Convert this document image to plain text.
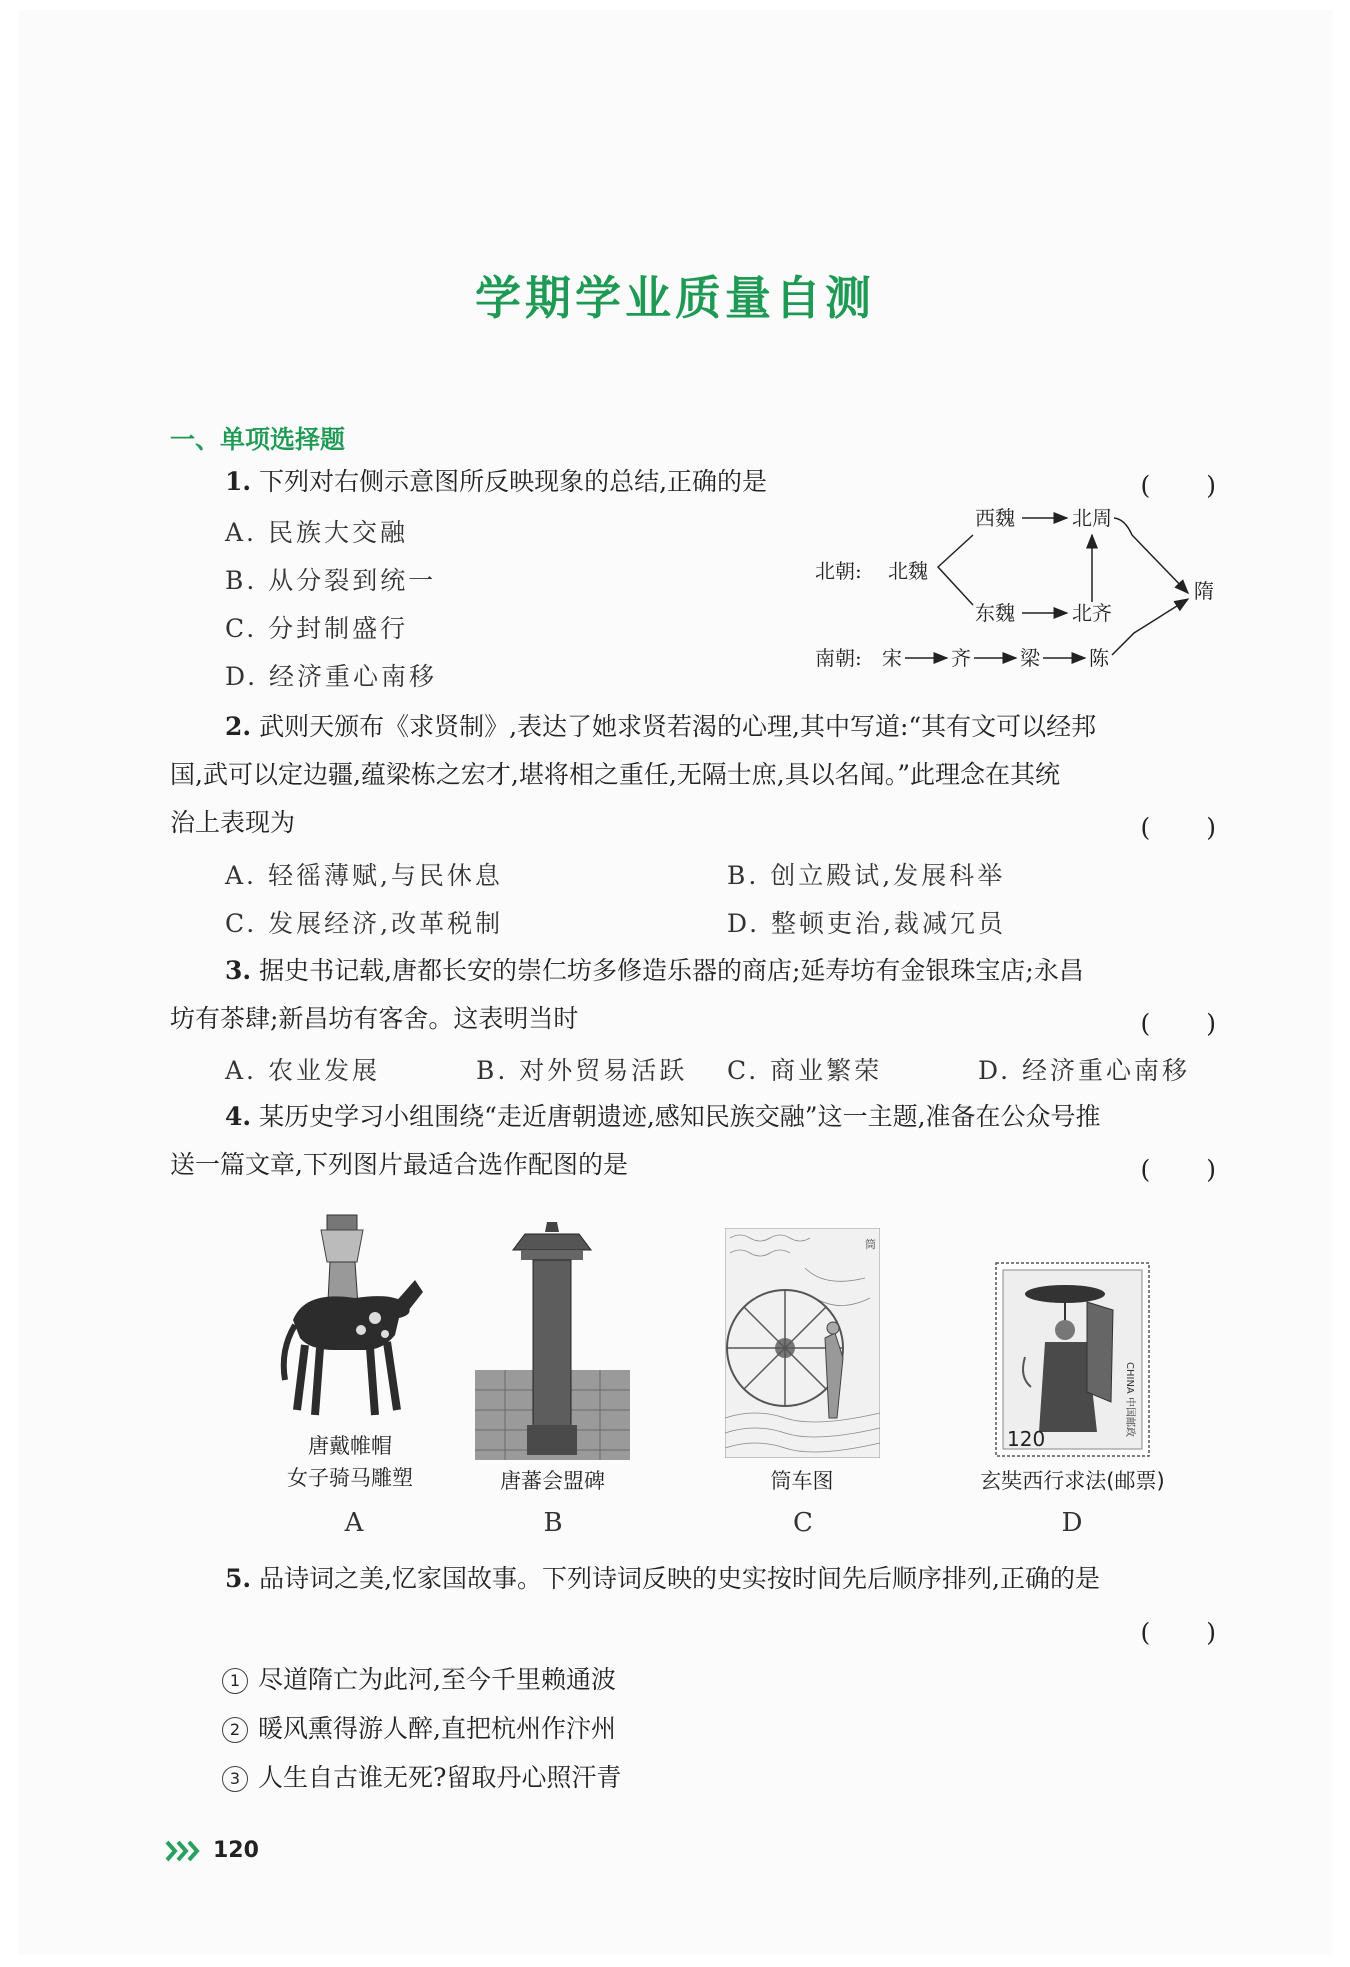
学期学业质量自测
一、单项选择题
1. 下列对右侧示意图所反映现象的总结,正确的是	(　　)
A. 民族大交融
B. 从分裂到统一
C. 分封制盛行
D. 经济重心南移
北朝: 北魏
西魏	北周
东魏	北齐
隋
南朝: 宋 齐 梁 陈
2. 武则天颁布《求贤制》,表达了她求贤若渴的心理,其中写道:“其有文可以经邦
国,武可以定边疆,蕴梁栋之宏才,堪将相之重任,无隔士庶,具以名闻。”此理念在其统
治上表现为	(　　)
A. 轻徭薄赋,与民休息	B. 创立殿试,发展科举
C. 发展经济,改革税制	D. 整顿吏治,裁减冗员
3. 据史书记载,唐都长安的崇仁坊多修造乐器的商店;延寿坊有金银珠宝店;永昌
坊有茶肆;新昌坊有客舍。这表明当时	(　　)
A. 农业发展	B. 对外贸易活跃 C. 商业繁荣	D. 经济重心南移
4. 某历史学习小组围绕“走近唐朝遗迹,感知民族交融”这一主题,准备在公众号推
送一篇文章,下列图片最适合选作配图的是	(　　)
唐戴帷帽
女子骑马雕塑
A
唐蕃会盟碑
B
筒
筒车图
C
120
CHINA 中国邮政
玄奘西行求法(邮票)
D
5. 品诗词之美,忆家国故事。下列诗词反映的史实按时间先后顺序排列,正确的是
(　　)
1 尽道隋亡为此河,至今千里赖通波
2 暖风熏得游人醉,直把杭州作汴州
3 人生自古谁无死?留取丹心照汗青
120
